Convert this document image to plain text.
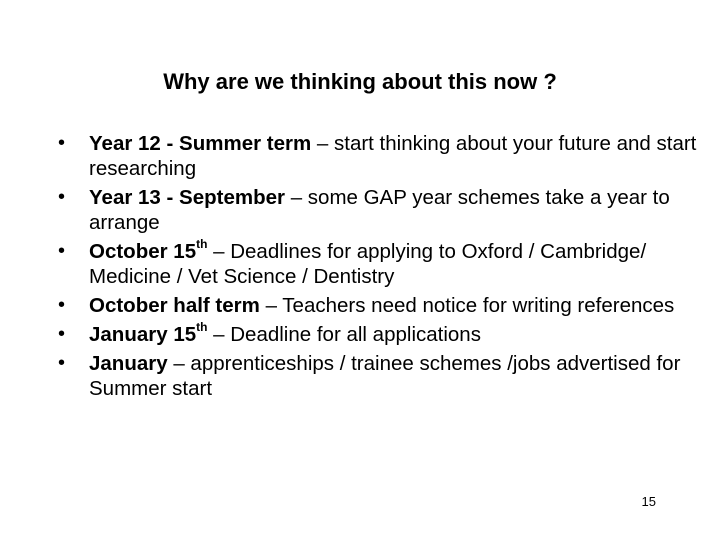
Why are we thinking about this now ?
• Year 12 - Summer term – start thinking about your future and start researching
• Year 13 - September – some GAP year schemes take a year to arrange
• October 15th – Deadlines for applying to Oxford / Cambridge/ Medicine / Vet Science / Dentistry
• October half term – Teachers need notice for writing references
• January 15th – Deadline for all applications
• January – apprenticeships / trainee schemes /jobs advertised for Summer start
15
